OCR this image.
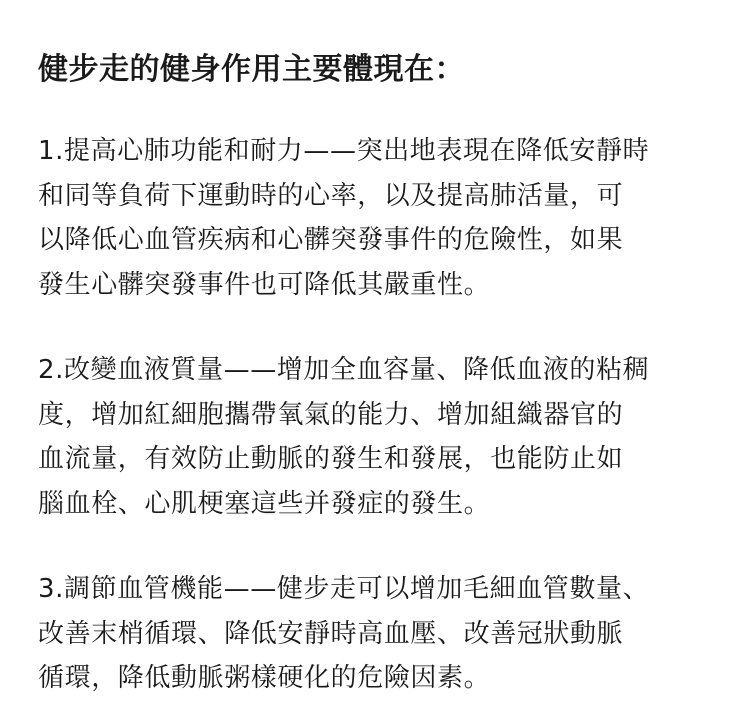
健步走的健身作用主要體現在：

1.提高心肺功能和耐力——突出地表現在降低安靜時
和同等負荷下運動時的心率，以及提高肺活量，可
以降低心血管疾病和心髒突發事件的危險性，如果
發生心髒突發事件也可降低其嚴重性。

2.改變血液質量——增加全血容量、降低血液的粘稠
度，增加紅細胞攜帶氧氣的能力、增加組織器官的
血流量，有效防止動脈的發生和發展，也能防止如
腦血栓、心肌梗塞這些并發症的發生。

3.調節血管機能——健步走可以增加毛細血管數量、
改善末梢循環、降低安靜時高血壓、改善冠狀動脈
循環，降低動脈粥樣硬化的危險因素。
